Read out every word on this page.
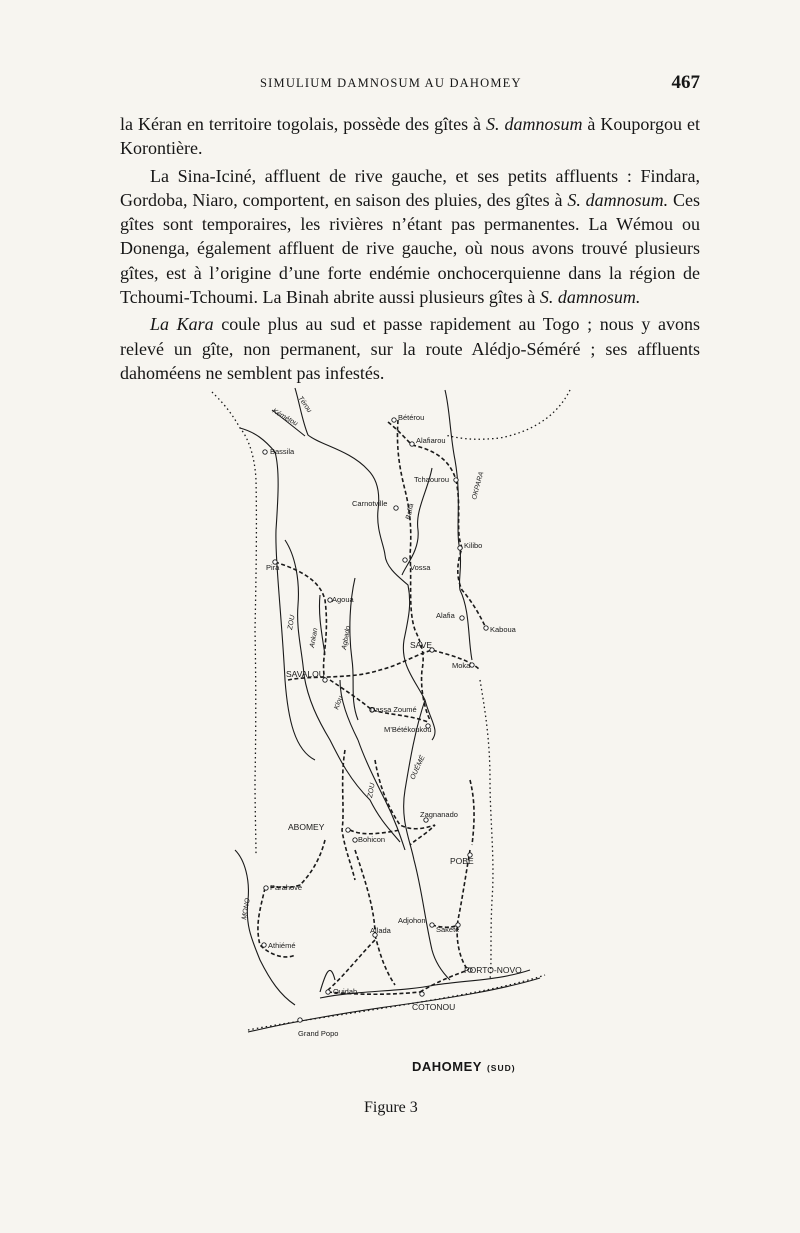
SIMULIUM DAMNOSUM AU DAHOMEY	467

la Kéran en territoire togolais, possède des gîtes à S. damnosum à Kouporgou et Korontière.

La Sina-Iciné, affluent de rive gauche, et ses petits affluents : Findara, Gordoba, Niaro, comportent, en saison des pluies, des gîtes à S. damnosum. Ces gîtes sont temporaires, les rivières n’étant pas permanentes. La Wémou ou Donenga, également affluent de rive gauche, où nous avons trouvé plusieurs gîtes, est à l’origine d’une forte endémie onchocerquienne dans la région de Tchoumi-Tchoumi. La Binah abrite aussi plusieurs gîtes à S. damnosum.

La Kara coule plus au sud et passe rapidement au Togo ; nous y avons relevé un gîte, non permanent, sur la route Alédjo-Séméré ; ses affluents dahoméens ne semblent pas infestés.

Bétérou
Alafiarou
Bassila
Tchaourou
Carnotville
Kilibo
Vossa
Pira
Agoua
Alafia
Kaboua
SAVE
Moka
SAVALOU
Dassa Zoumé
M’Bétékoukou
Zagnanado
ABOMEY
Bohicon
POBE
Parahové
Adjohon
Sakété
Allada
Athiémé
PORTO-NOVO
Ouidah
COTONOU
Grand Popo
Térou
Kémétou
OKPARA
Baffa
ZOU
Ankan	Agbado
Klou
OUÉMÉ
ZOU
MONO
DAHOMEY (SUD)
Figure 3
